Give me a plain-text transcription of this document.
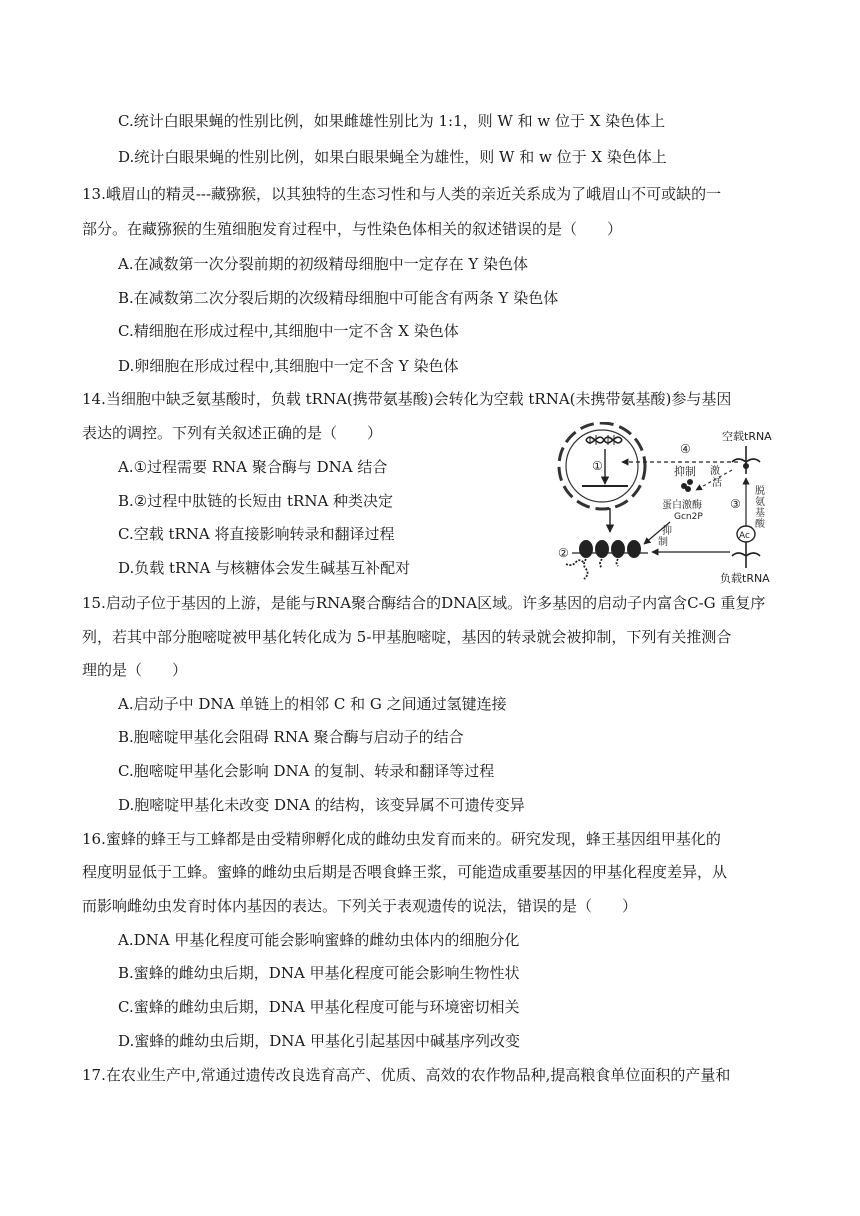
C.统计白眼果蝇的性别比例，如果雌雄性别比为 1:1，则 W 和 w 位于 X 染色体上
D.统计白眼果蝇的性别比例，如果白眼果蝇全为雄性，则 W 和 w 位于 X 染色体上
13.峨眉山的精灵---藏猕猴，以其独特的生态习性和与人类的亲近关系成为了峨眉山不可或缺的一
部分。在藏猕猴的生殖细胞发育过程中，与性染色体相关的叙述错误的是（　　）
A.在减数第一次分裂前期的初级精母细胞中一定存在 Y 染色体
B.在减数第二次分裂后期的次级精母细胞中可能含有两条 Y 染色体
C.精细胞在形成过程中,其细胞中一定不含 X 染色体
D.卵细胞在形成过程中,其细胞中一定不含 Y 染色体
14.当细胞中缺乏氨基酸时，负载 tRNA(携带氨基酸)会转化为空载 tRNA(未携带氨基酸)参与基因
表达的调控。下列有关叙述正确的是（　　）
A.①过程需要 RNA 聚合酶与 DNA 结合
B.②过程中肽链的长短由 tRNA 种类决定
C.空载 tRNA 将直接影响转录和翻译过程
D.负载 tRNA 与核糖体会发生碱基互补配对
①
空载tRNA
④
抑制 激
活
蛋白激酶
Gcn2P
抑
制
③
脱
氨
基
酸
Ac
负载tRNA
②
15.启动子位于基因的上游，是能与RNA聚合酶结合的DNA区域。许多基因的启动子内富含C-G 重复序
列，若其中部分胞嘧啶被甲基化转化成为 5-甲基胞嘧啶，基因的转录就会被抑制，下列有关推测合
理的是（　　）
A.启动子中 DNA 单链上的相邻 C 和 G 之间通过氢键连接
B.胞嘧啶甲基化会阻碍 RNA 聚合酶与启动子的结合
C.胞嘧啶甲基化会影响 DNA 的复制、转录和翻译等过程
D.胞嘧啶甲基化未改变 DNA 的结构，该变异属不可遗传变异
16.蜜蜂的蜂王与工蜂都是由受精卵孵化成的雌幼虫发育而来的。研究发现，蜂王基因组甲基化的
程度明显低于工蜂。蜜蜂的雌幼虫后期是否喂食蜂王浆，可能造成重要基因的甲基化程度差异，从
而影响雌幼虫发育时体内基因的表达。下列关于表观遗传的说法，错误的是（　　）
A.DNA 甲基化程度可能会影响蜜蜂的雌幼虫体内的细胞分化
B.蜜蜂的雌幼虫后期，DNA 甲基化程度可能会影响生物性状
C.蜜蜂的雌幼虫后期，DNA 甲基化程度可能与环境密切相关
D.蜜蜂的雌幼虫后期，DNA 甲基化引起基因中碱基序列改变
17.在农业生产中,常通过遗传改良选育高产、优质、高效的农作物品种,提高粮食单位面积的产量和
